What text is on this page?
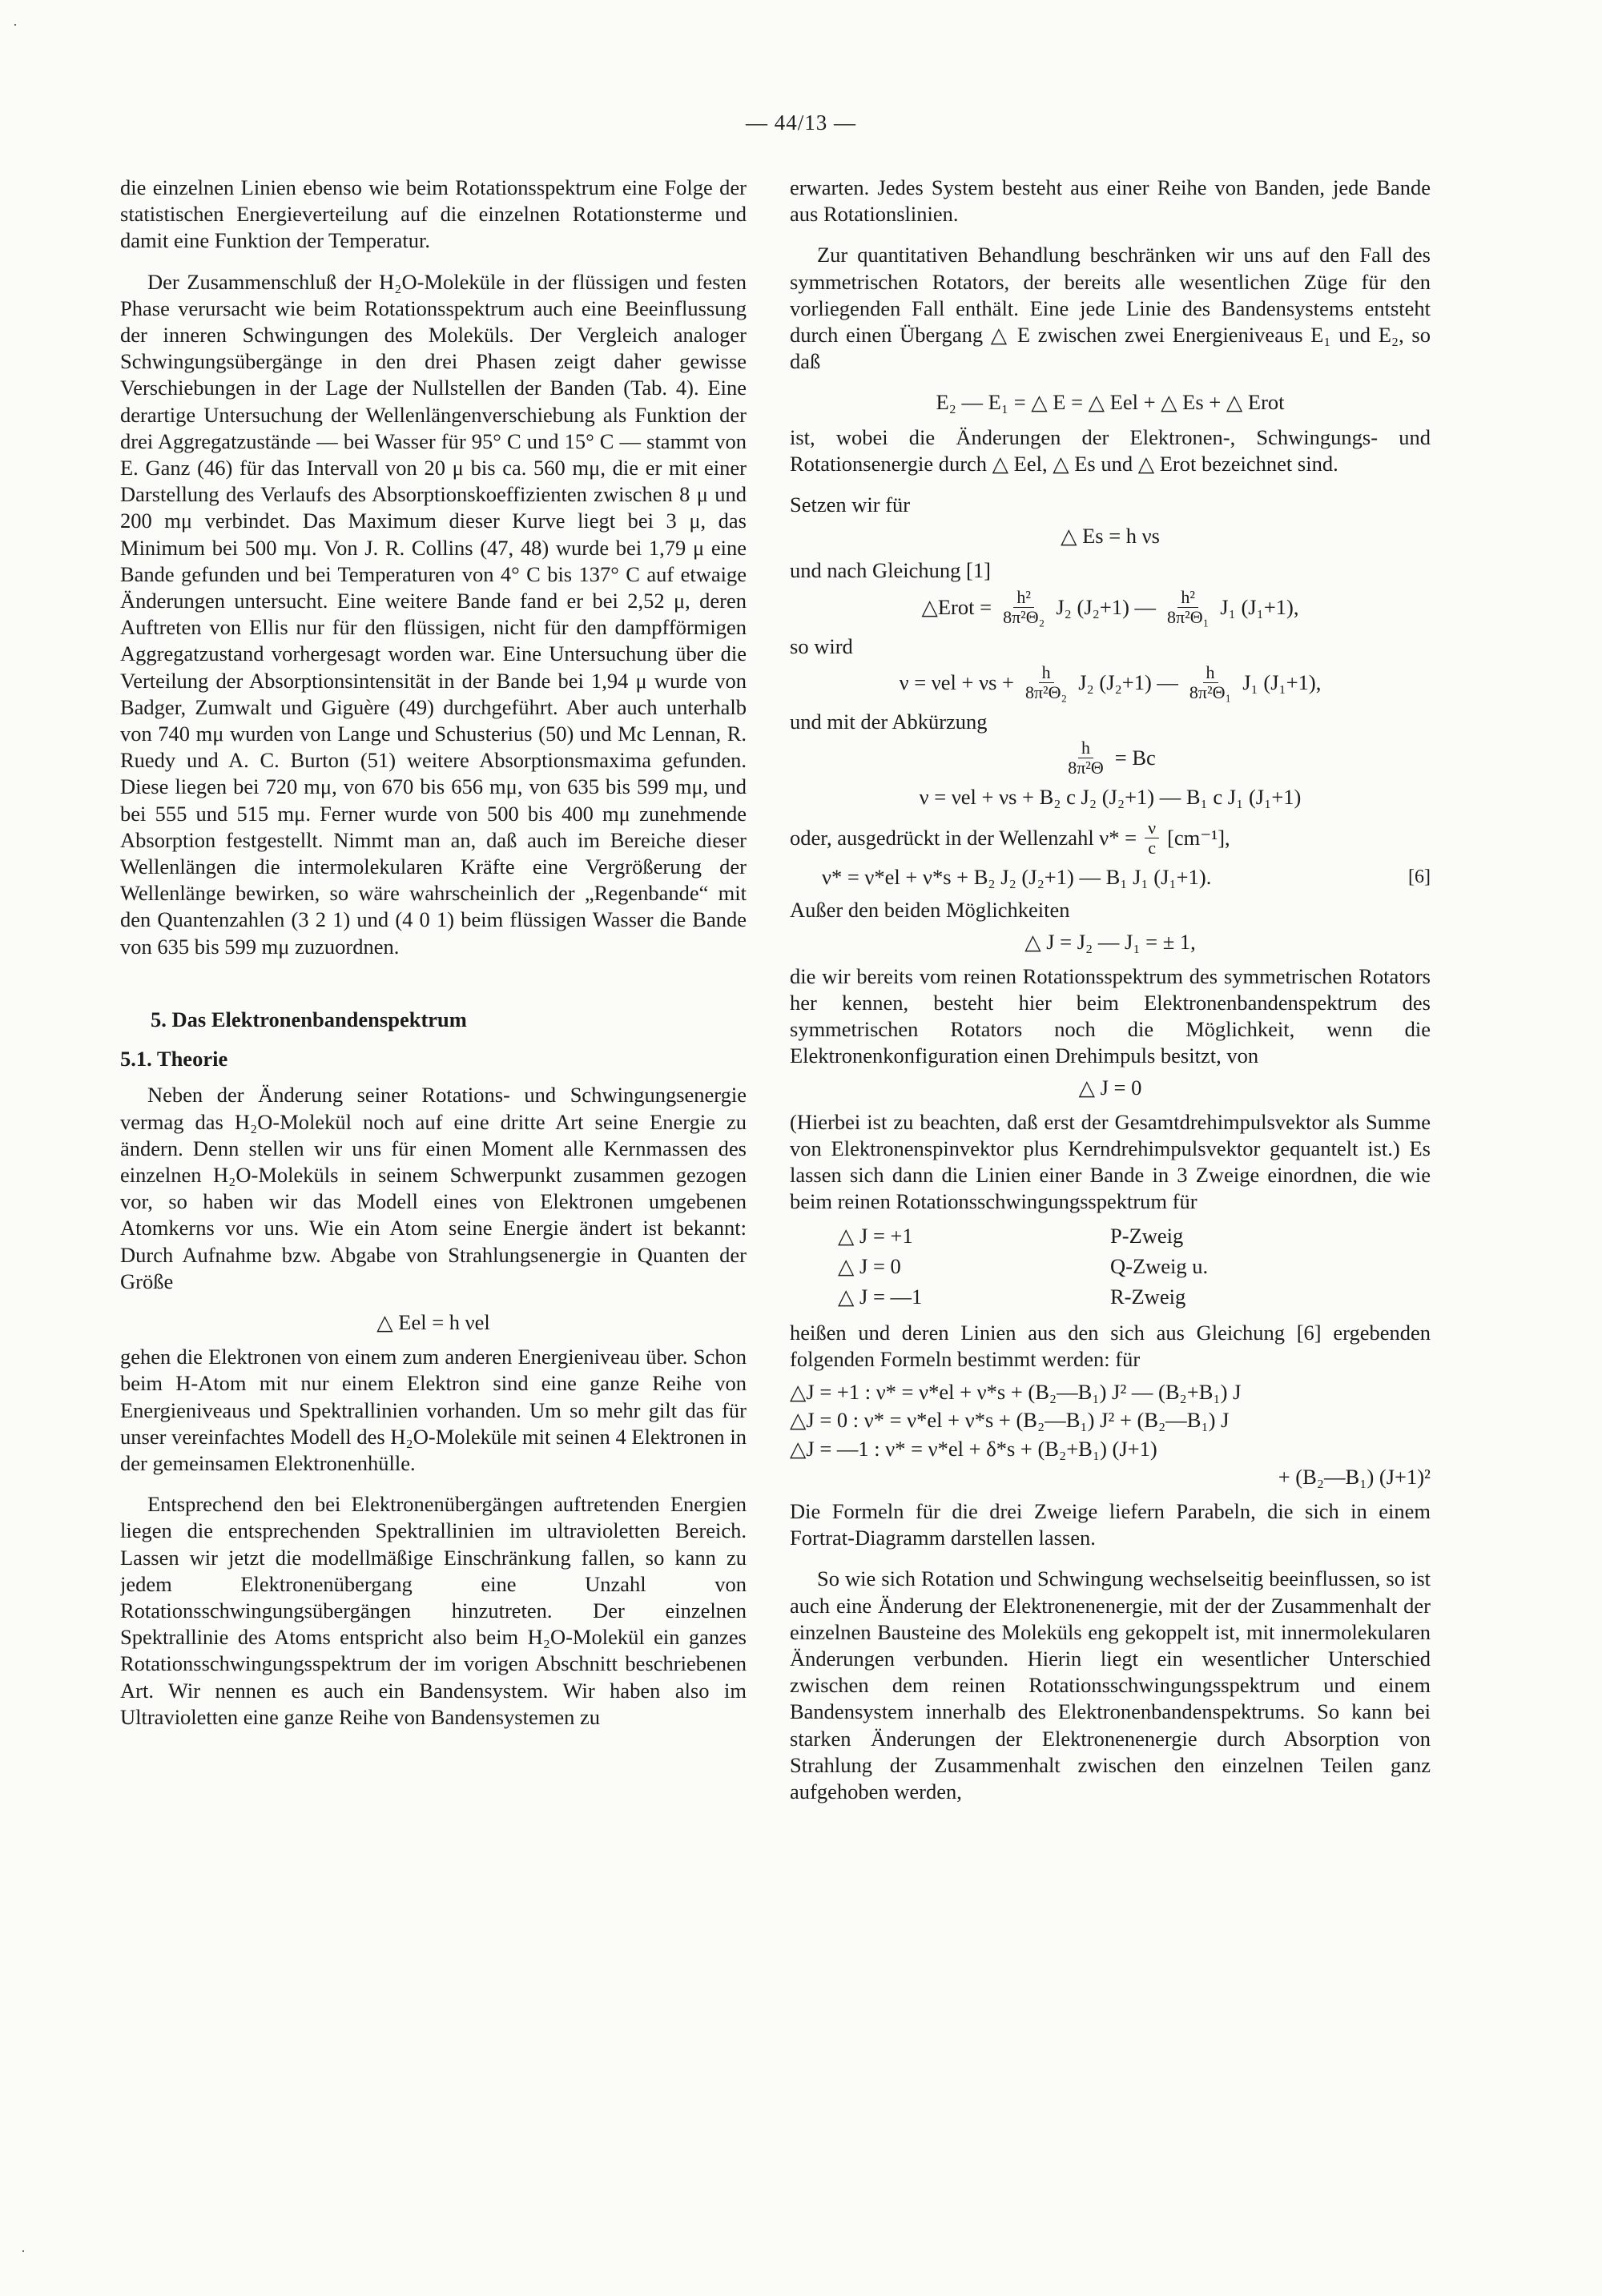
— 44/13 —

die einzelnen Linien ebenso wie beim Rotationsspektrum eine Folge der statistischen Energieverteilung auf die einzelnen Rotationsterme und damit eine Funktion der Temperatur.

Der Zusammenschluß der H₂O-Moleküle in der flüssigen und festen Phase verursacht wie beim Rotationsspektrum auch eine Beeinflussung der inneren Schwingungen des Moleküls. Der Vergleich analoger Schwingungsübergänge in den drei Phasen zeigt daher gewisse Verschiebungen in der Lage der Nullstellen der Banden (Tab. 4). Eine derartige Untersuchung der Wellenlängenverschiebung als Funktion der drei Aggregatzustände — bei Wasser für 95° C und 15° C — stammt von E. Ganz (46) für das Intervall von 20 μ bis ca. 560 mμ, die er mit einer Darstellung des Verlaufs des Absorptionskoeffizienten zwischen 8 μ und 200 mμ verbindet. Das Maximum dieser Kurve liegt bei 3 μ, das Minimum bei 500 mμ. Von J. R. Collins (47, 48) wurde bei 1,79 μ eine Bande gefunden und bei Temperaturen von 4° C bis 137° C auf etwaige Änderungen untersucht. Eine weitere Bande fand er bei 2,52 μ, deren Auftreten von Ellis nur für den flüssigen, nicht für den dampfförmigen Aggregatzustand vorhergesagt worden war. Eine Untersuchung über die Verteilung der Absorptionsintensität in der Bande bei 1,94 μ wurde von Badger, Zumwalt und Giguère (49) durchgeführt. Aber auch unterhalb von 740 mμ wurden von Lange und Schusterius (50) und Mc Lennan, R. Ruedy und A. C. Burton (51) weitere Absorptionsmaxima gefunden. Diese liegen bei 720 mμ, von 670 bis 656 mμ, von 635 bis 599 mμ, und bei 555 und 515 mμ. Ferner wurde von 500 bis 400 mμ zunehmende Absorption festgestellt. Nimmt man an, daß auch im Bereiche dieser Wellenlängen die intermolekularen Kräfte eine Vergrößerung der Wellenlänge bewirken, so wäre wahrscheinlich der „Regenbande“ mit den Quantenzahlen (3 2 1) und (4 0 1) beim flüssigen Wasser die Bande von 635 bis 599 mμ zuzuordnen.

5. Das Elektronenbandenspektrum
5.1. Theorie

Neben der Änderung seiner Rotations- und Schwingungsenergie vermag das H₂O-Molekül noch auf eine dritte Art seine Energie zu ändern. Denn stellen wir uns für einen Moment alle Kernmassen des einzelnen H₂O-Moleküls in seinem Schwerpunkt zusammen gezogen vor, so haben wir das Modell eines von Elektronen umgebenen Atomkerns vor uns. Wie ein Atom seine Energie ändert ist bekannt: Durch Aufnahme bzw. Abgabe von Strahlungsenergie in Quanten der Größe

△ Eel = h νel

gehen die Elektronen von einem zum anderen Energieniveau über. Schon beim H-Atom mit nur einem Elektron sind eine ganze Reihe von Energieniveaus und Spektrallinien vorhanden. Um so mehr gilt das für unser vereinfachtes Modell des H₂O-Moleküle mit seinen 4 Elektronen in der gemeinsamen Elektronenhülle.

Entsprechend den bei Elektronenübergängen auftretenden Energien liegen die entsprechenden Spektrallinien im ultravioletten Bereich. Lassen wir jetzt die modellmäßige Einschränkung fallen, so kann zu jedem Elektronenübergang eine Unzahl von Rotationsschwingungsübergängen hinzutreten. Der einzelnen Spektrallinie des Atoms entspricht also beim H₂O-Molekül ein ganzes Rotationsschwingungsspektrum der im vorigen Abschnitt beschriebenen Art. Wir nennen es auch ein Bandensystem. Wir haben also im Ultravioletten eine ganze Reihe von Bandensystemen zu

erwarten. Jedes System besteht aus einer Reihe von Banden, jede Bande aus Rotationslinien.

Zur quantitativen Behandlung beschränken wir uns auf den Fall des symmetrischen Rotators, der bereits alle wesentlichen Züge für den vorliegenden Fall enthält. Eine jede Linie des Bandensystems entsteht durch einen Übergang △ E zwischen zwei Energieniveaus E₁ und E₂, so daß

E₂ — E₁ = △ E = △ Eel + △ Es + △ Erot

ist, wobei die Änderungen der Elektronen-, Schwingungs- und Rotationsenergie durch △ Eel, △ Es und △ Erot bezeichnet sind.

Setzen wir für

△ Es = h νs

und nach Gleichung [1]

△Erot = $\frac{\text{h²}}{\text{8π²Θ₂}} J_2$ (J₂+1) — $\frac{\text{h²}}{\text{8π²Θ₁}} J_1$ (J₁+1),

so wird

$\nu = \nu el + \nu s + \frac{h}{\text{8π²Θ₂}} J_2$ (J₂+1) — $\frac{h}{\text{8π²Θ₁}} J_1$ (J₁+1),

und mit der Abkürzung

$\frac{h}{\text{8π²Θ}} = Bc$
ν = νel + νs + B₂ c J₂ (J₂+1) — B₁ c J₁ (J₁+1)
oder, ausgedrückt in der Wellenzahl $\nu* = \frac{\nu}{c} [cm^{-1}]$,
ν* = ν*el + ν*s + B₂ J₂ (J₂+1) — B₁ J₁ (J₁+1).	[6]

Außer den beiden Möglichkeiten

△ J = J₂ — J₁ = ± 1,

die wir bereits vom reinen Rotationsspektrum des symmetrischen Rotators her kennen, besteht hier beim Elektronenbandenspektrum des symmetrischen Rotators noch die Möglichkeit, wenn die Elektronenkonfiguration einen Drehimpuls besitzt, von

△ J = 0

(Hierbei ist zu beachten, daß erst der Gesamtdrehimpulsvektor als Summe von Elektronenspinvektor plus Kerndrehimpulsvektor gequantelt ist.) Es lassen sich dann die Linien einer Bande in 3 Zweige einordnen, die wie beim reinen Rotationsschwingungsspektrum für

△ J = +1	P-Zweig
△ J = 0	Q-Zweig u.
△ J = —1	R-Zweig

heißen und deren Linien aus den sich aus Gleichung [6] ergebenden folgenden Formeln bestimmt werden: für

△J = +1 : ν* = ν*el + ν*s + (B₂—B₁) J² — (B₂+B₁) J
△J = 0 : ν* = ν*el + ν*s + (B₂—B₁) J² + (B₂—B₁) J
△J = —1 : ν* = ν*el + δ*s + (B₂+B₁) (J+1)
+ (B₂—B₁) (J+1)²

Die Formeln für die drei Zweige liefern Parabeln, die sich in einem Fortrat-Diagramm darstellen lassen.

So wie sich Rotation und Schwingung wechselseitig beeinflussen, so ist auch eine Änderung der Elektronenenergie, mit der der Zusammenhalt der einzelnen Bausteine des Moleküls eng gekoppelt ist, mit innermolekularen Änderungen verbunden. Hierin liegt ein wesentlicher Unterschied zwischen dem reinen Rotationsschwingungsspektrum und einem Bandensystem innerhalb des Elektronenbandenspektrums. So kann bei starken Änderungen der Elektronenenergie durch Absorption von Strahlung der Zusammenhalt zwischen den einzelnen Teilen ganz aufgehoben werden,
